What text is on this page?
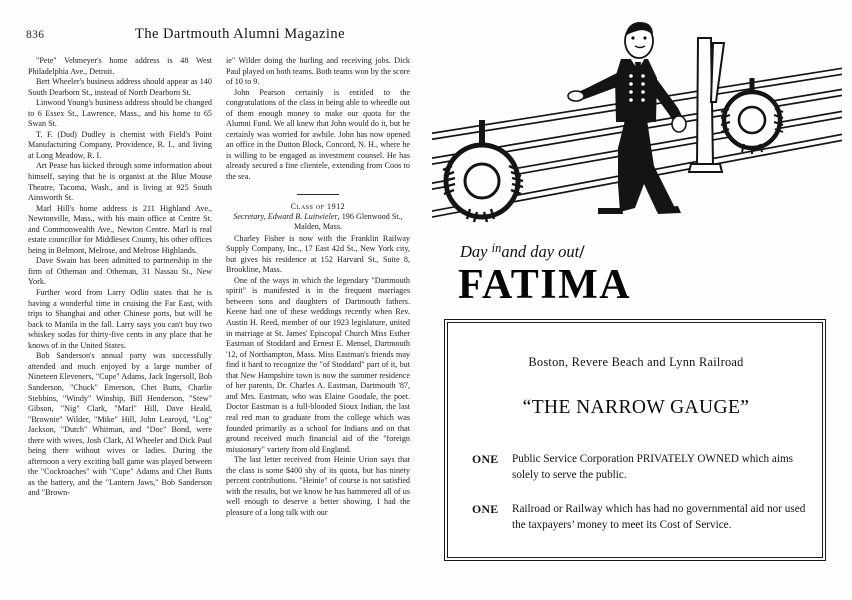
836	The Dartmouth Alumni Magazine

"Pete" Vehmeyer's home address is 48 West Philadelphia Ave., Detroit.

Bert Wheeler's business address should appear as 140 South Dearborn St., instead of North Dearborn St.

Linwood Young's business address should be changed to 6 Essex St., Lawrence, Mass., and his home to 65 Swan St.

T. F. (Dud) Dudley is chemist with Field's Point Manufacturing Company, Providence, R. I., and living at Long Meadow, R. I.

Art Pease has kicked through some information about himself, saying that he is organist at the Blue Mouse Theatre, Tacoma, Wash., and is living at 925 South Ainsworth St.

Marl Hill's home address is 211 Highland Ave., Newtonville, Mass., with his main office at Centre St. and Commonwealth Ave., Newton Centre. Marl is real estate councillor for Middlesex County, his other offices being in Belmont, Melrose, and Melrose Highlands.

Dave Swain has been admitted to partnership in the firm of Otheman and Otheman, 31 Nassau St., New York.

Further word from Larry Odlin states that he is having a wonderful time in cruising the Far East, with trips to Shanghai and other Chinese ports, but will be back to Manila in the fall. Larry says you can't buy two whiskey sodas for thirty-five cents in any place that he knows of in the United States.

Bob Sanderson's annual party was successfully attended and much enjoyed by a large number of Nineteen Eleveners, "Cupe" Adams, Jack Ingersoll, Bob Sanderson, "Chuck" Emerson, Chet Butts, Charlie Stebbins, "Windy" Winship, Bill Henderson, "Stew" Gibson, "Nig" Clark, "Marl" Hill, Dave Heald, "Brownie" Wilder, "Mike" Hill, John Learoyd, "Log" Jackson, "Dutch" Whitman, and "Doc" Bond, were there with wives, Josh Clark, Al Wheeler and Dick Paul being there without wives or ladies. During the afternoon a very exciting ball game was played between the "Cockroaches" with "Cupe" Adams and Chet Butts as the battery, and the "Lantern Jaws," Bob Sanderson and "Brown-

ie" Wilder doing the hurling and receiving jobs. Dick Paul played on both teams. Both teams won by the score of 10 to 9.

John Pearson certainly is entitled to the congratulations of the class in being able to wheedle out of them enough money to make our quota for the Alumni Fund. We all knew that John would do it, but he certainly was worried for awhile. John has now opened an office in the Dutton Block, Concord, N. H., where he is willing to be engaged as investment counsel. He has already secured a fine clientele, extending from Coos to the sea.

Class of 1912
Secretary, Edward B. Luitwieler, 196 Glenwood St., Malden, Mass.

Charley Fisher is now with the Franklin Railway Supply Company, Inc., 17 East 42d St., New York city, but gives his residence at 152 Harvard St., Suite 8, Brookline, Mass.

One of the ways in which the legendary "Dartmouth spirit" is manifested is in the frequent marriages between sons and daughters of Dartmouth fathers. Keene had one of these weddings recently when Rev. Austin H. Reed, member of our 1923 legislature, united in marriage at St. James' Episcopal Church Miss Esther Eastman of Stoddard and Ernest E. Mensel, Dartmouth '12, of Northampton, Mass. Miss Eastman's friends may find it hard to recognize the "of Stoddard" part of it, but that New Hampshire town is now the summer residence of her parents, Dr. Charles A. Eastman, Dartmouth '87, and Mrs. Eastman, who was Elaine Goodale, the poet. Doctor Eastman is a full-blooded Sioux Indian, the last real red man to graduate from the college which was founded primarily as a school for Indians and on that ground received much financial aid of the "foreign missionary" variety from old England.

The last letter received from Heinie Urion says that the class is some $400 shy of its quota, but has ninety percent contributions. "Heinie" of course is not satisfied with the results, but we know he has hammered all of us well enough to deserve a better showing. I had the pleasure of a long talk with our

Day $^{in}$and day out/
FATIMA
Boston, Revere Beach and Lynn Railroad
“THE NARROW GAUGE”
ONE	Public Service Corporation PRIVATELY OWNED which aims solely to serve the public.
ONE	Railroad or Railway which has had no governmental aid nor used the taxpayers’ money to meet its Cost of Service.
